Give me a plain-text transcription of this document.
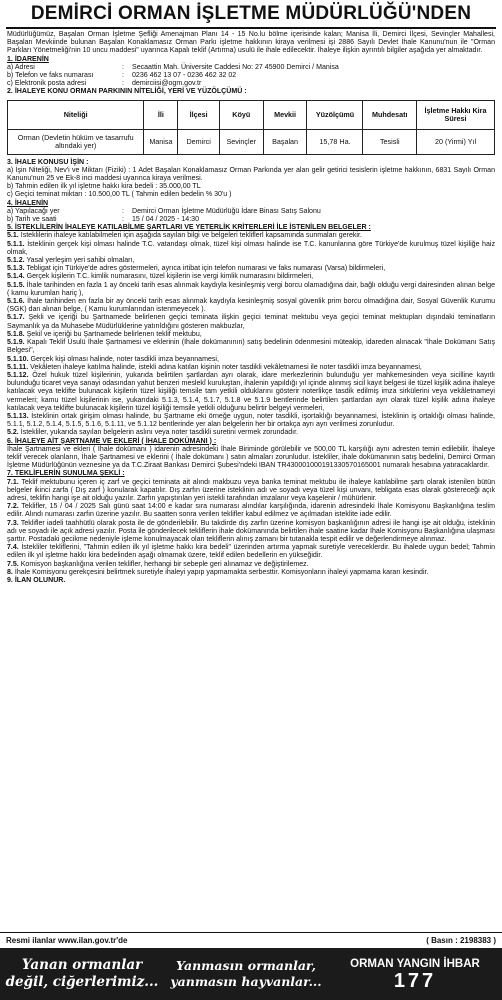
DEMİRCİ ORMAN İŞLETME MÜDÜRLÜĞÜ'NDEN

Müdürlüğümüz, Başalan Orman İşletme Şefliği Amenajman Planı 14 - 15 No.lu bölme içerisinde kalan; Manisa İli, Demirci İlçesi, Sevinçler Mahallesi, Başalan Mevkiinde bulunan Başalan Konaklamasız Orman Parkı işletme hakkının kiraya verilmesi işi 2886 Sayılı Devlet İhale Kanunu'nun ile "Orman Parkları Yönetmeliği'nin 10 uncu maddesi" uyarınca Kapalı teklif (Artırma) usulü ile ihale edilecektir. İhaleye ilişkin ayrıntılı bilgiler aşağıda yer almaktadır.

1. İDARENİN

a) Adresi	:	Secaattin Mah. Üniversite Caddesi No: 27 45900 Demirci / Manisa
b) Telefon ve faks numarası	:	0236 462 13 07 - 0236 462 32 02
c) Elektronik posta adresi	:	demirciisi@ogm.gov.tr

2. İHALEYE KONU ORMAN PARKININ NİTELİĞİ, YERİ VE YÜZÖLÇÜMÜ :

Niteliği	İli	İlçesi	Köyü	Mevkii	Yüzölçümü	Muhdesatı	İşletme Hakkı Kira Süresi
Orman (Devletin hüküm ve tasarrufu altındaki yer)	Manisa	Demirci	Sevinçler	Başalan	15,78 Ha.	Tesisli	20 (Yirmi) Yıl

3. İHALE KONUSU İŞİN :

a) İşin Niteliği, Nev'i ve Miktarı (Fiziki) : 1 Adet Başalan Konaklamasız Orman Parkında yer alan gelir getirici tesislerin işletme hakkının, 6831 Sayılı Orman Kanunu'nun 25 ve Ek-8 inci maddesi uyarınca kiraya verilmesi.

b) Tahmin edilen ilk yıl işletme hakkı kira bedeli : 35.000,00 TL

c) Geçici teminat miktarı : 10.500,00 TL ( Tahmin edilen bedelin % 30'u )

4. İHALENİN

a) Yapılacağı yer	:	Demirci Orman İşletme Müdürlüğü İdare Binası Satış Salonu
b) Tarih ve saati	:	15 / 04 / 2025 - 14:30

5. İSTEKLİLERİN İHALEYE KATILABİLME ŞARTLARI VE YETERLİK KRİTERLERİ İLE İSTENİLEN BELGELER :

5.1. İsteklilerin ihaleye katılabilmeleri için aşağıda sayılan bilgi ve belgeleri tekliflerl kapsamında sunmaları gerekir.

5.1.1. İsteklinin gerçek kişi olması halinde T.C. vatandaşı olmak, tüzel kişi olması halinde ise T.C. kanunlarına göre Türkiye'de kurulmuş tüzel kişiliğe haiz olmak,

5.1.2. Yasal yerleşim yeri sahibi olmaları,

5.1.3. Tebligat için Türkiye'de adres göstermeleri, ayrıca irtibat için telefon numarası ve faks numarası (Varsa) bildirmeleri,

5.1.4. Gerçek kişilerin T.C. kimlik numarasını, tüzel kişilerin ise vergi kimlik numarasını bildirmeleri,

5.1.5. İhale tarihinden en fazla 1 ay önceki tarih esas alınmak kaydıyla kesinleşmiş vergi borcu olamadığına dair, bağlı olduğu vergi dairesinden alınan belge ( kamu kurumları hariç ),

5.1.6. İhale tarihinden en fazla bir ay önceki tarih esas alınmak kaydıyla kesinleşmiş sosyal güvenlik prim borcu olmadığına dair, Sosyal Güvenlik Kurumu (SGK) dan alınan belge, ( Kamu kurumlarından istenmeyecek ).

5.1.7. Şekli ve içeriği bu Şartnamede belirlenen geçici teminata ilişkin geçici teminat mektubu veya geçici teminat mektupları dışındaki teminatların Saymanlık ya da Muhasebe Müdürlüklerine yatırıldığını gösteren makbuzlar,

5.1.8. Şekil ve içeriği bu Şartnamede belirlenen teklif mektubu,

5.1.9. Kapalı Teklif Usulü İhale Şartnamesi ve eklerinin (İhale dokümanının) satış bedelinin ödenmesini müteakip, idareden alınacak "İhale Dokümanı Satış Belgesi",

5.1.10. Gerçek kişi olması halinde, noter tasdikli imza beyannamesi,

5.1.11. Vekâleten ihaleye katılma halinde, istekli adına katılan kişinin noter tasdikli vekâletnamesi ile noter tasdikli imza beyannamesi,

5.1.12. Özel hukuk tüzel kişilerinin, yukarıda belirtilen şartlardan ayrı olarak, idare merkezlerinin bulunduğu yer mahkemesinden veya sicilline kayıtlı bulunduğu ticaret veya sanayi odasından yahut benzeri meslekî kuruluştan, ihalenin yapıldığı yıl içinde alınmış sicil kayıt belgesi ile tüzel kişilik adına ihaleye katılacak veya teklifte bulunacak kişilerin tüzel kişiliği temsile tam yetkili olduklarını gösterir noterlikçe tasdik edilmiş imza sirkülerini veya vekâletnameyi vermeleri; kamu tüzel kişilerinin ise, yukarıdaki 5.1.3, 5.1.4, 5.1.7, 5.1.8 ve 5.1.9 bentlerinde belirtilen şartlardan ayrı olarak tüzel kişilik adına ihaleye katılacak veya teklifte bulunacak kişilerin tüzel kişiliği temsile yetkili olduğunu belirtir belgeyi vermeleri,

5.1.13. İsteklinin ortak girişim olması halinde, bu Şartname eki örneğe uygun, noter tasdikli, işortaklığı beyannamesi, İsteklinin iş ortaklığı olması halinde, 5.1.1, 5.1.2, 5.1.4, 5.1.5, 5.1.6, 5.1.11, ve 5.1.12 bentlerinde yer alan belgelerin her bir ortakça ayrı ayrı verilmesi zorunludur.

5.2. İstekliler, yukarıda sayılan belgelerin aslını veya noter tasdikli suretini vermek zorundadır.

6. İHALEYE AİT ŞARTNAME VE EKLERİ ( İHALE DOKÜMANI ) :

İhale Şartnamesi ve ekleri ( İhale dokümanı ) idarenin adresindeki İhale Biriminde görülebilir ve 500,00 TL karşılığı aynı adresten temin edilebilir. İhaleye teklif verecek olanların, İhale Şartnamesi ve eklerini ( İhale dokümanı ) satın almaları zorunludur. İstekliler, ihale dokümanının satış bedelini, Demirci Orman İşletme Müdürlüğünün veznesine ya da T.C.Ziraat Bankası Demirci Şubesi'ndeki IBAN TR430001000191330570165001 numaralı hesabına yatıracaklardır.

7. TEKLİFLERİN SUNULMA ŞEKLİ :

7.1. Teklif mektubunu içeren iç zarf ve geçici teminata ait alındı makbuzu veya banka teminat mektubu ile ihaleye katılabilme şartı olarak istenilen bütün belgeler ikinci zarfa ( Dış zarf ) konularak kapatılır. Dış zarfın üzerine isteklinin adı ve soyadı veya tüzel kişi unvanı, tebligata esas olarak göstereceği açık adresi, teklifin hangi işe ait olduğu yazılır. Zarfın yapıştırılan yeri istekli tarafından imzalanır veya kaşelenir / mühürlenir.

7.2. Teklifler, 15 / 04 / 2025 Salı günü saat 14:00 e kadar sıra numarası alındılar karşılığında, idarenin adresindeki İhale Komisyonu Başkanlığına teslim edilir. Alındı numarası zarfın üzerine yazılır. Bu saatten sonra verilen teklifler kabul edilmez ve açılmadan isteklite iade edilir.

7.3. Teklifler iadeli taahhütlü olarak posta ile de gönderilebilir. Bu takdirde dış zarfın üzerine komisyon başkanlığının adresi ile hangi işe ait olduğu, isteklinin adı ve soyadı ile açık adresi yazılır. Posta ile gönderilecek tekliflerin ihale dokümanında belirtilen ihale saatine kadar İhale Komisyonu Başkanlığına ulaşması şarttır. Postadaki gecikme nedeniyle işleme konulmayacak olan tekliflerin alınış zamanı bir tutanakla tespit edilir ve değerlendirmeye alınmaz.

7.4. İstekliler tekliflerini, "Tahmin edilen ilk yıl işletme hakkı kira bedeli" üzerinden artırma yapmak suretiyle vereceklerdir. Bu ihalede uygun bedel; Tahmin edilen ilk yıl işletme hakkı kira bedelinden aşağı olmamak üzere, teklif edilen bedellerin en yükseğidir.

7.5. Komisyon başkanlığına verilen teklifler, herhangi bir sebeple geri alınamaz ve değiştirilemez.

8. İhale Komisyonu gerekçesini belirtmek suretiyle ihaleyi yapıp yapmamakta serbesttir. Komisyonların ihaleyi yapmama kararı kesindir.

9. İLAN OLUNUR.

Resmi ilanlar www.ilan.gov.tr'de	( Basın : 2198383 )
Yanan ormanlar
değil, ciğerlerimiz...
Yanmasın ormanlar,
yanmasın hayvanlar...
ORMAN YANGIN İHBAR
177
